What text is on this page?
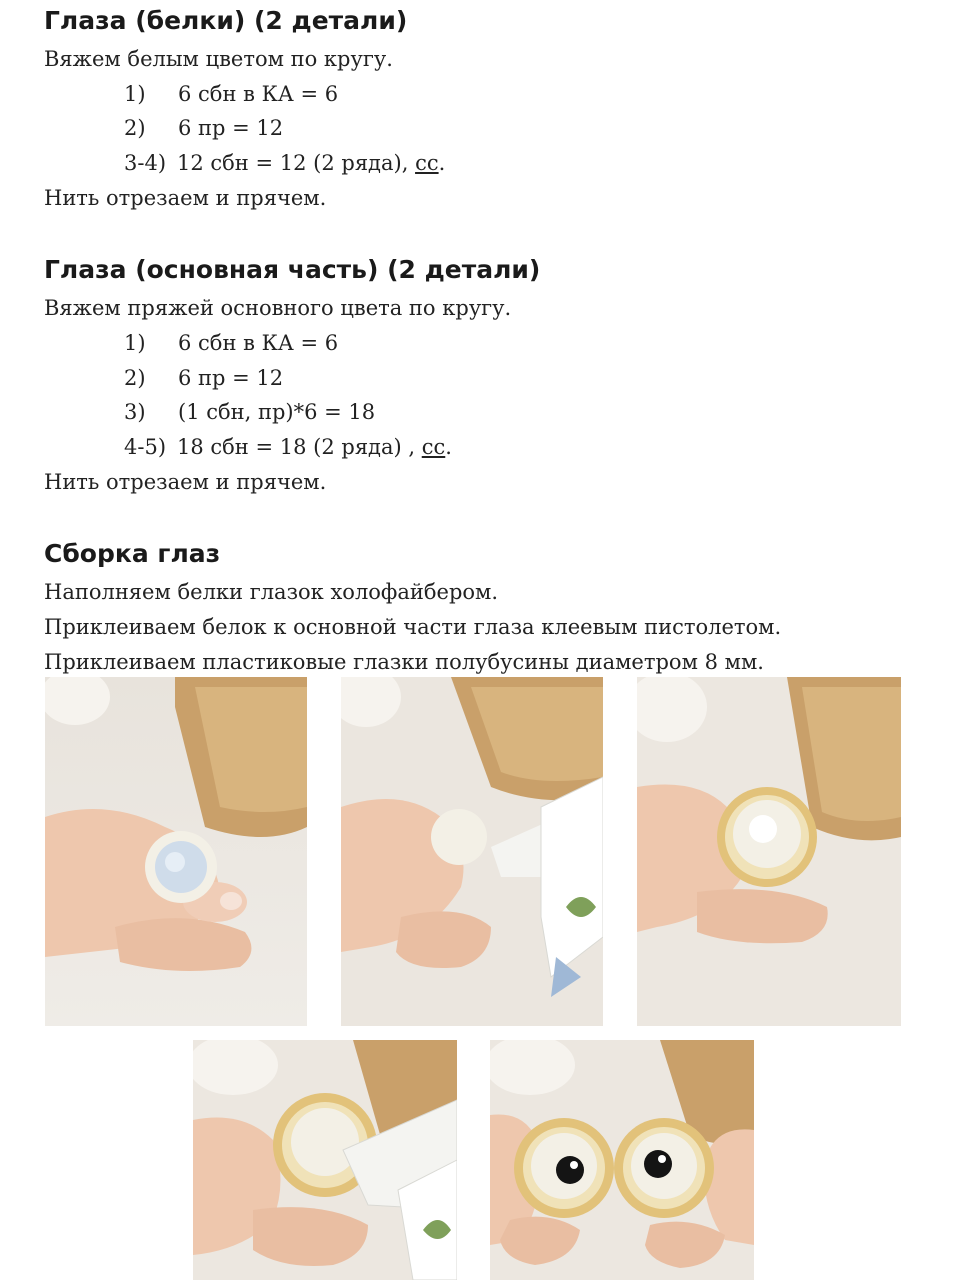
Глаза (белки) (2 детали)

Вяжем белым цветом по кругу.

1) 6 сбн в КА = 6
2) 6 пр = 12
3-4) 12 сбн = 12 (2 ряда), сс.

Нить отрезаем и прячем.

Глаза (основная часть) (2 детали)

Вяжем пряжей основного цвета по кругу.

1) 6 сбн в КА = 6
2) 6 пр = 12
3) (1 сбн, пр)*6 = 18
4-5) 18 сбн = 18 (2 ряда) , сс.

Нить отрезаем и прячем.

Сборка глаз

Наполняем белки глазок холофайбером.

Приклеиваем белок к основной части глаза клеевым пистолетом.

Приклеиваем пластиковые глазки полубусины диаметром 8 мм.
